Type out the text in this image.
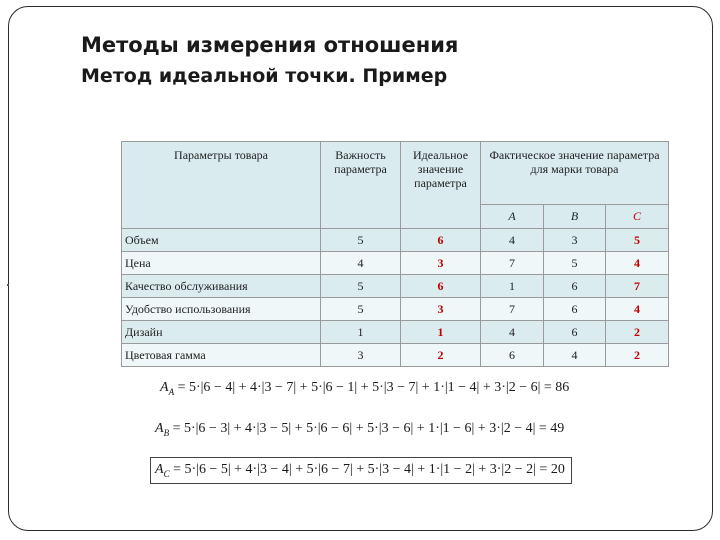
Методы измерения отношения
Метод идеальной точки. Пример
Параметры товара	Важность параметра	Идеальное значение параметра	Фактическое значение параметра для марки товара		
			A	B	C
Объем	5	6	4	3	5
Цена	4	3	7	5	4
Качество обслуживания	5	6	1	6	7
Удобство использования	5	3	7	6	4
Дизайн	1	1	4	6	2
Цветовая гамма	3	2	6	4	2
$A_A = 5\cdot|6 - 4| + 4\cdot|3 - 7| + 5\cdot|6 - 1| + 5\cdot|3 - 7| + 1\cdot|1 - 4| + 3\cdot|2 - 6| = 86$
$A_B = 5\cdot|6 - 3| + 4\cdot|3 - 5| + 5\cdot|6 - 6| + 5\cdot|3 - 6| + 1\cdot|1 - 6| + 3\cdot|2 - 4| = 49$
$A_C = 5\cdot|6 - 5| + 4\cdot|3 - 4| + 5\cdot|6 - 7| + 5\cdot|3 - 4| + 1\cdot|1 - 2| + 3\cdot|2 - 2| = 20$
